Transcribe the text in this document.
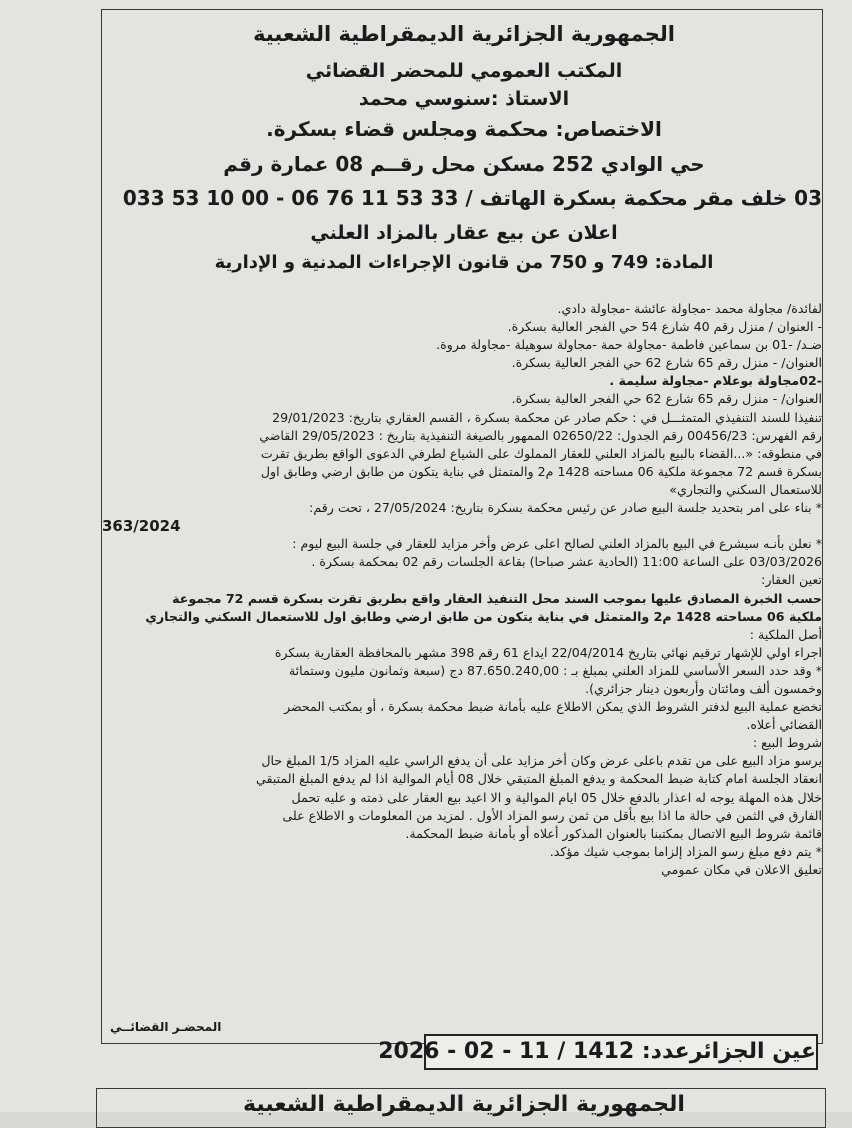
الجمهورية الجزائرية الديمقراطية الشعبية
المكتب العمومي للمحضر القضائي
الاستاذ :سنوسي محمد
الاختصاص: محكمة ومجلس قضاء بسكرة.
حي الوادي 252 مسكن محل رقــم 08 عمارة رقم
03 خلف مقر محكمة بسكرة الهاتف / 33 53 11 76 06 - 00 10 53 033
اعلان عن بيع عقار بالمزاد العلني
المادة: 749 و 750 من قانون الإجراءات المدنية و الإدارية

لفائدة/ مجاولة محمد -مجاولة عائشة -مجاولة دادي.

- العنوان / منزل رقم 40 شارع 54 حي الفجر العالية بسكرة.

ضـد/ -01 بن سماعين فاطمة -مجاولة حمة -مجاولة سوهيلة -مجاولة مروة.

العنوان/ - منزل رقم 65 شارع 62 حي الفجر العالية بسكرة.

-02مجاولة بوعلام -مجاولة سليمة .

العنوان/ - منزل رقم 65 شارع 62 حي الفجر العالية بسكرة.

تنفيذا للسند التنفيذي المتمثـــل في : حكم صادر عن محكمة بسكرة ، القسم العقاري بتاريخ: 29/01/2023

رقم الفهرس: 00456/23 رقم الجدول: 02650/22 الممهور بالصيغة التنفيذية بتاريخ : 29/05/2023 القاضي

في منطوقه: «...القضاء بالبيع بالمزاد العلني للعقار المملوك على الشياع لطرفي الدعوى الواقع بطريق تقرت

بسكرة قسم 72 مجموعة ملكية 06 مساحته 1428 م2 والمتمثل في بناية يتكون من طابق ارضي وطابق اول

للاستعمال السكني والتجاري»

* بناء على امر بتحديد جلسة البيع صادر عن رئيس محكمة بسكرة بتاريخ: 27/05/2024 ، تحت رقم:

363/2024

* نعلن بأنـه سيشرع في البيع بالمزاد العلني لصالح اعلى عرض وأخر مزايد للعقار في جلسة البيع ليوم :

03/03/2026 على الساعة 11:00 (الحادية عشر صباحا) بقاعة الجلسات رقم 02 بمحكمة بسكرة .

تعين العقار:

حسب الخبرة المصادق عليها بموجب السند محل التنفيذ العقار واقع بطريق تقرت بسكرة قسم 72 مجموعة

ملكية 06 مساحته 1428 م2 والمتمثل في بناية يتكون من طابق ارضي وطابق اول للاستعمال السكني والتجاري

أصل الملكية :

اجراء اولي للإشهار ترقيم نهائي بتاريخ 22/04/2014 ايداع 61 رقم 398 مشهر بالمحافظة العقارية بسكرة

* وقد حدد السعر الأساسي للمزاد العلني بمبلغ بـ : 87.650.240,00 دج (سبعة وثمانون مليون وستمائة

وخمسون ألف ومائتان وأربعون دينار جزائري).

تخضع عملية البيع لدفتر الشروط الذي يمكن الاطلاع عليه بأمانة ضبط محكمة بسكرة ، أو بمكتب المحضر

القضائي أعلاه.

شروط البيع :

يرسو مزاد البيع على من تقدم باعلى عرض وكان أخر مزايد على أن يدفع الراسي عليه المزاد 1/5 المبلغ حال

انعقاد الجلسة امام كتابة ضبط المحكمة و يدفع المبلغ المتبقي خلال 08 أيام الموالية اذا لم يدفع المبلغ المتبقي

خلال هذه المهلة يوجه له اعذار بالدفع خلال 05 ايام الموالية و الا اعيد بيع العقار على ذمته و عليه تحمل

الفارق في الثمن في حالة ما اذا بيع بأقل من ثمن رسو المزاد الأول . لمزيد من المعلومات و الاطلاع على

قائمة شروط البيع الاتصال بمكتبنا بالعنوان المذكور أعلاه أو بأمانة ضبط المحكمة.

* يتم دفع مبلغ رسو المزاد إلزاما بموجب شيك مؤكد.

تعليق الاعلان في مكان عمومي

المحضـر القضائــي
عين الجزائرعدد: 1412 / 11 - 02 - 2026
الجمهورية الجزائرية الديمقراطية الشعبية
